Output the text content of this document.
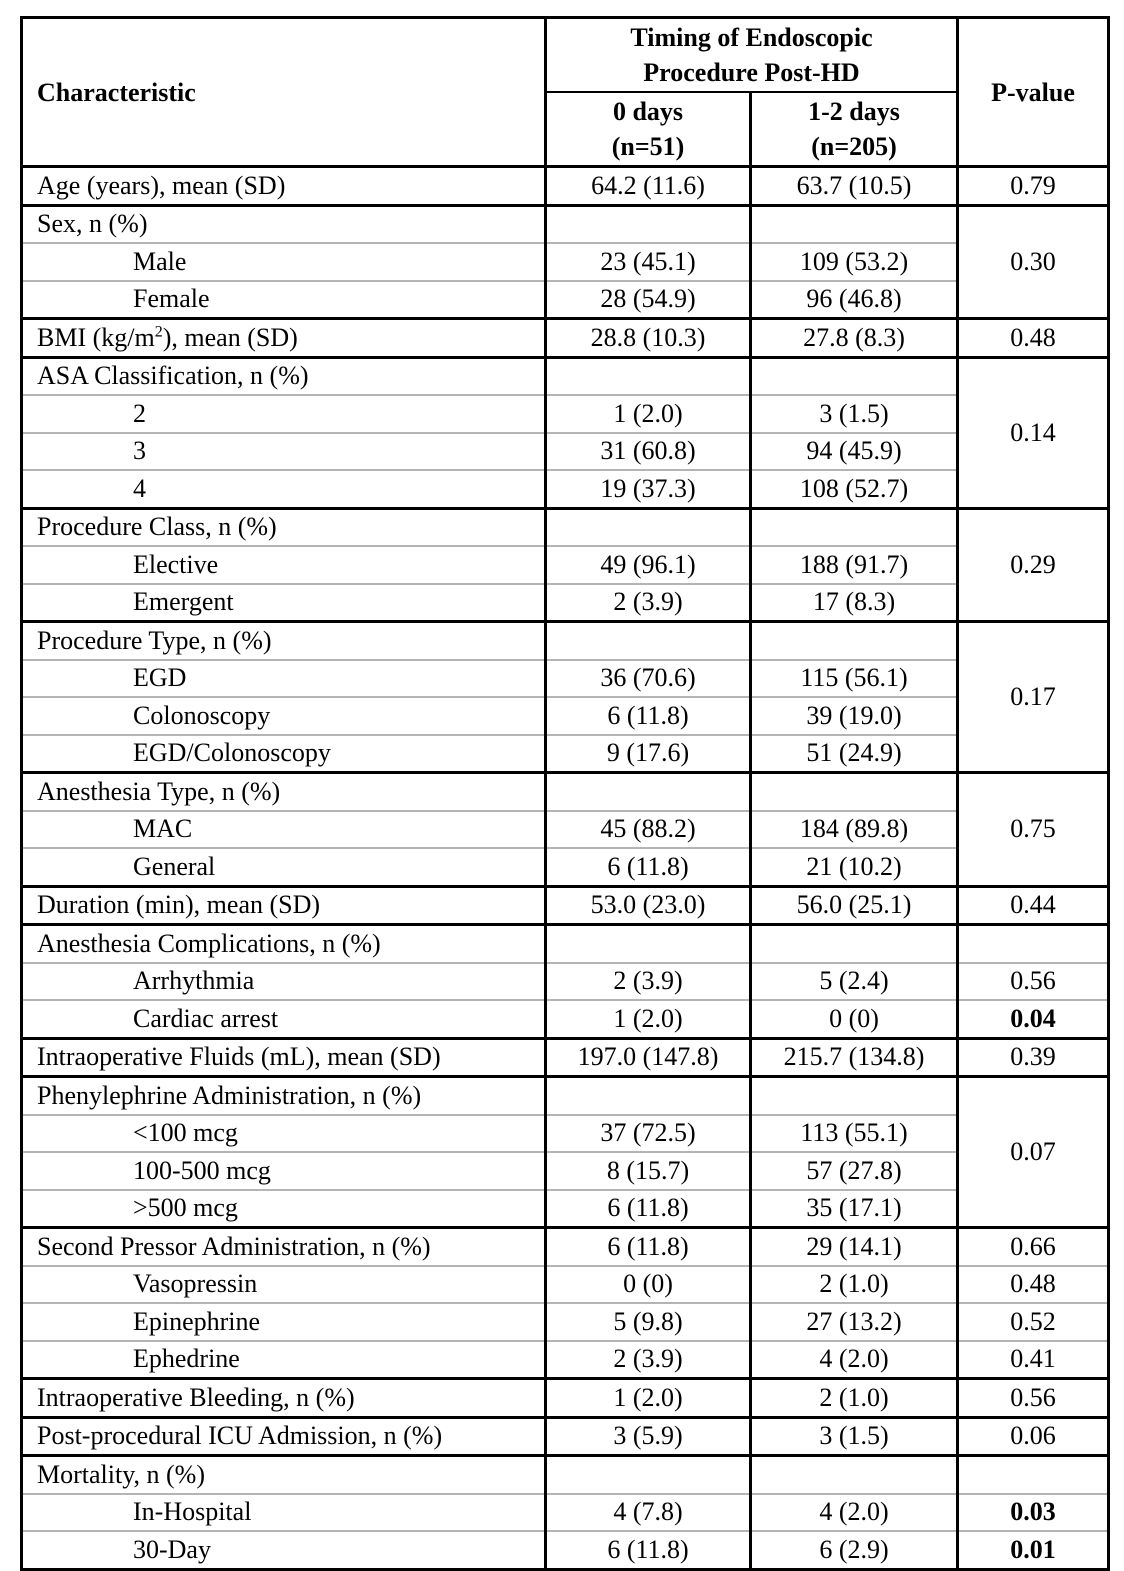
Characteristic	Timing of Endoscopic Procedure Post-HD		P-value
	0 days (n=51)	1-2 days (n=205)	
Age (years), mean (SD)	64.2 (11.6)	63.7 (10.5)	0.79
Sex, n (%)			0.30
Male	23 (45.1)	109 (53.2)	
Female	28 (54.9)	96 (46.8)	
BMI $(kg/m^2)$, mean (SD)	28.8 (10.3)	27.8 (8.3)	0.48
ASA Classification, n (%)			0.14
2	1 (2.0)	3 (1.5)	
3	31 (60.8)	94 (45.9)	
4	19 (37.3)	108 (52.7)	
Procedure Class, n (%)			0.29
Elective	49 (96.1)	188 (91.7)	
Emergent	2 (3.9)	17 (8.3)	
Procedure Type, n (%)			0.17
EGD	36 (70.6)	115 (56.1)	
Colonoscopy	6 (11.8)	39 (19.0)	
EGD/Colonoscopy	9 (17.6)	51 (24.9)	
Anesthesia Type, n (%)			0.75
MAC	45 (88.2)	184 (89.8)	
General	6 (11.8)	21 (10.2)	
Duration (min), mean (SD)	53.0 (23.0)	56.0 (25.1)	0.44
Anesthesia Complications, n (%)			
Arrhythmia	2 (3.9)	5 (2.4)	0.56
Cardiac arrest	1 (2.0)	0 (0)	0.04
Intraoperative Fluids (mL), mean (SD)	197.0 (147.8)	215.7 (134.8)	0.39
Phenylephrine Administration, n (%)			0.07
<100 mcg	37 (72.5)	113 (55.1)	
100-500 mcg	8 (15.7)	57 (27.8)	
>500 mcg	6 (11.8)	35 (17.1)	
Second Pressor Administration, n (%)	6 (11.8)	29 (14.1)	0.66
Vasopressin	0 (0)	2 (1.0)	0.48
Epinephrine	5 (9.8)	27 (13.2)	0.52
Ephedrine	2 (3.9)	4 (2.0)	0.41
Intraoperative Bleeding, n (%)	1 (2.0)	2 (1.0)	0.56
Post-procedural ICU Admission, n (%)	3 (5.9)	3 (1.5)	0.06
Mortality, n (%)			
In-Hospital	4 (7.8)	4 (2.0)	0.03
30-Day	6 (11.8)	6 (2.9)	0.01
